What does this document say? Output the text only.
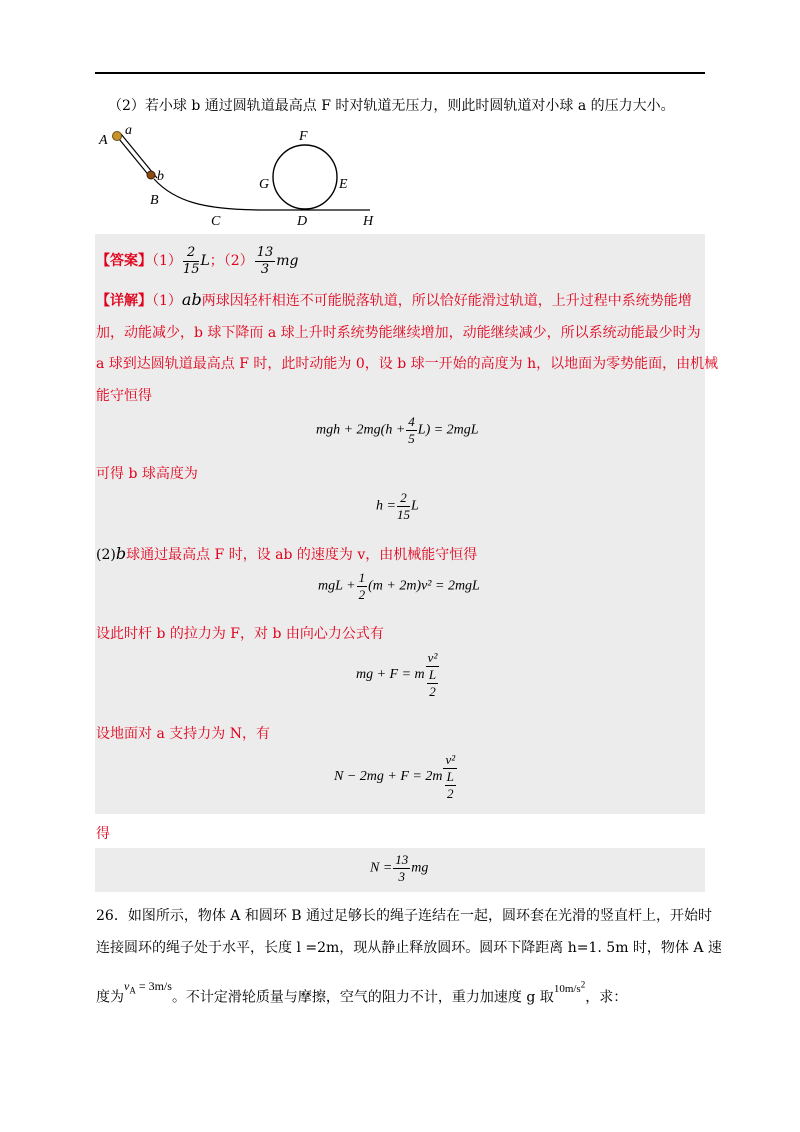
（2）若小球 b 通过圆轨道最高点 F 时对轨道无压力，则此时圆轨道对小球 a 的压力大小。
A
a
b
B
C	D	H
F
G	E
【答案】$(1) \frac{2}{15}$ L；$(2) \frac{13}{3}$ mg
【详解】（1）ab两球因轻杆相连不可能脱落轨道，所以恰好能滑过轨道，上升过程中系统势能增
加，动能减少，b 球下降而 a 球上升时系统势能继续增加，动能继续减少，所以系统动能最少时为
a 球到达圆轨道最高点 F 时，此时动能为 0，设 b 球一开始的高度为 h，以地面为零势能面，由机械
能守恒得
mgh + $2mg(h + \frac{4}{5} L) = 2mgL$
可得 b 球高度为
$h = \frac{2}{15}$ L
(2)b球通过最高点 F 时，设 ab 的速度为 v，由机械能守恒得
mgL + $\frac{1}{2} (m + 2m)v^2 = 2mgL$
设此时杆 b 的拉力为 F，对 b 由向心力公式有
mg + F = m $\frac{\text{v²}}{\frac{L}{2}}$
设地面对 a 支持力为 N，有
$N - 2mg + F = 2m \frac{\text{v²}}{\frac{L}{2}}$
得
$N = \frac{13}{3}$ mg
26．如图所示，物体 A 和圆环 B 通过足够长的绳子连结在一起，圆环套在光滑的竖直杆上，开始时
连接圆环的绳子处于水平，长度 l =2m，现从静止释放圆环。圆环下降距离 h=1. 5m 时，物体 A 速
度为$v_A = 3m/s$。不计定滑轮质量与摩擦，空气的阻力不计，重力加速度 g 取$^{10m/s^2}$，求：
